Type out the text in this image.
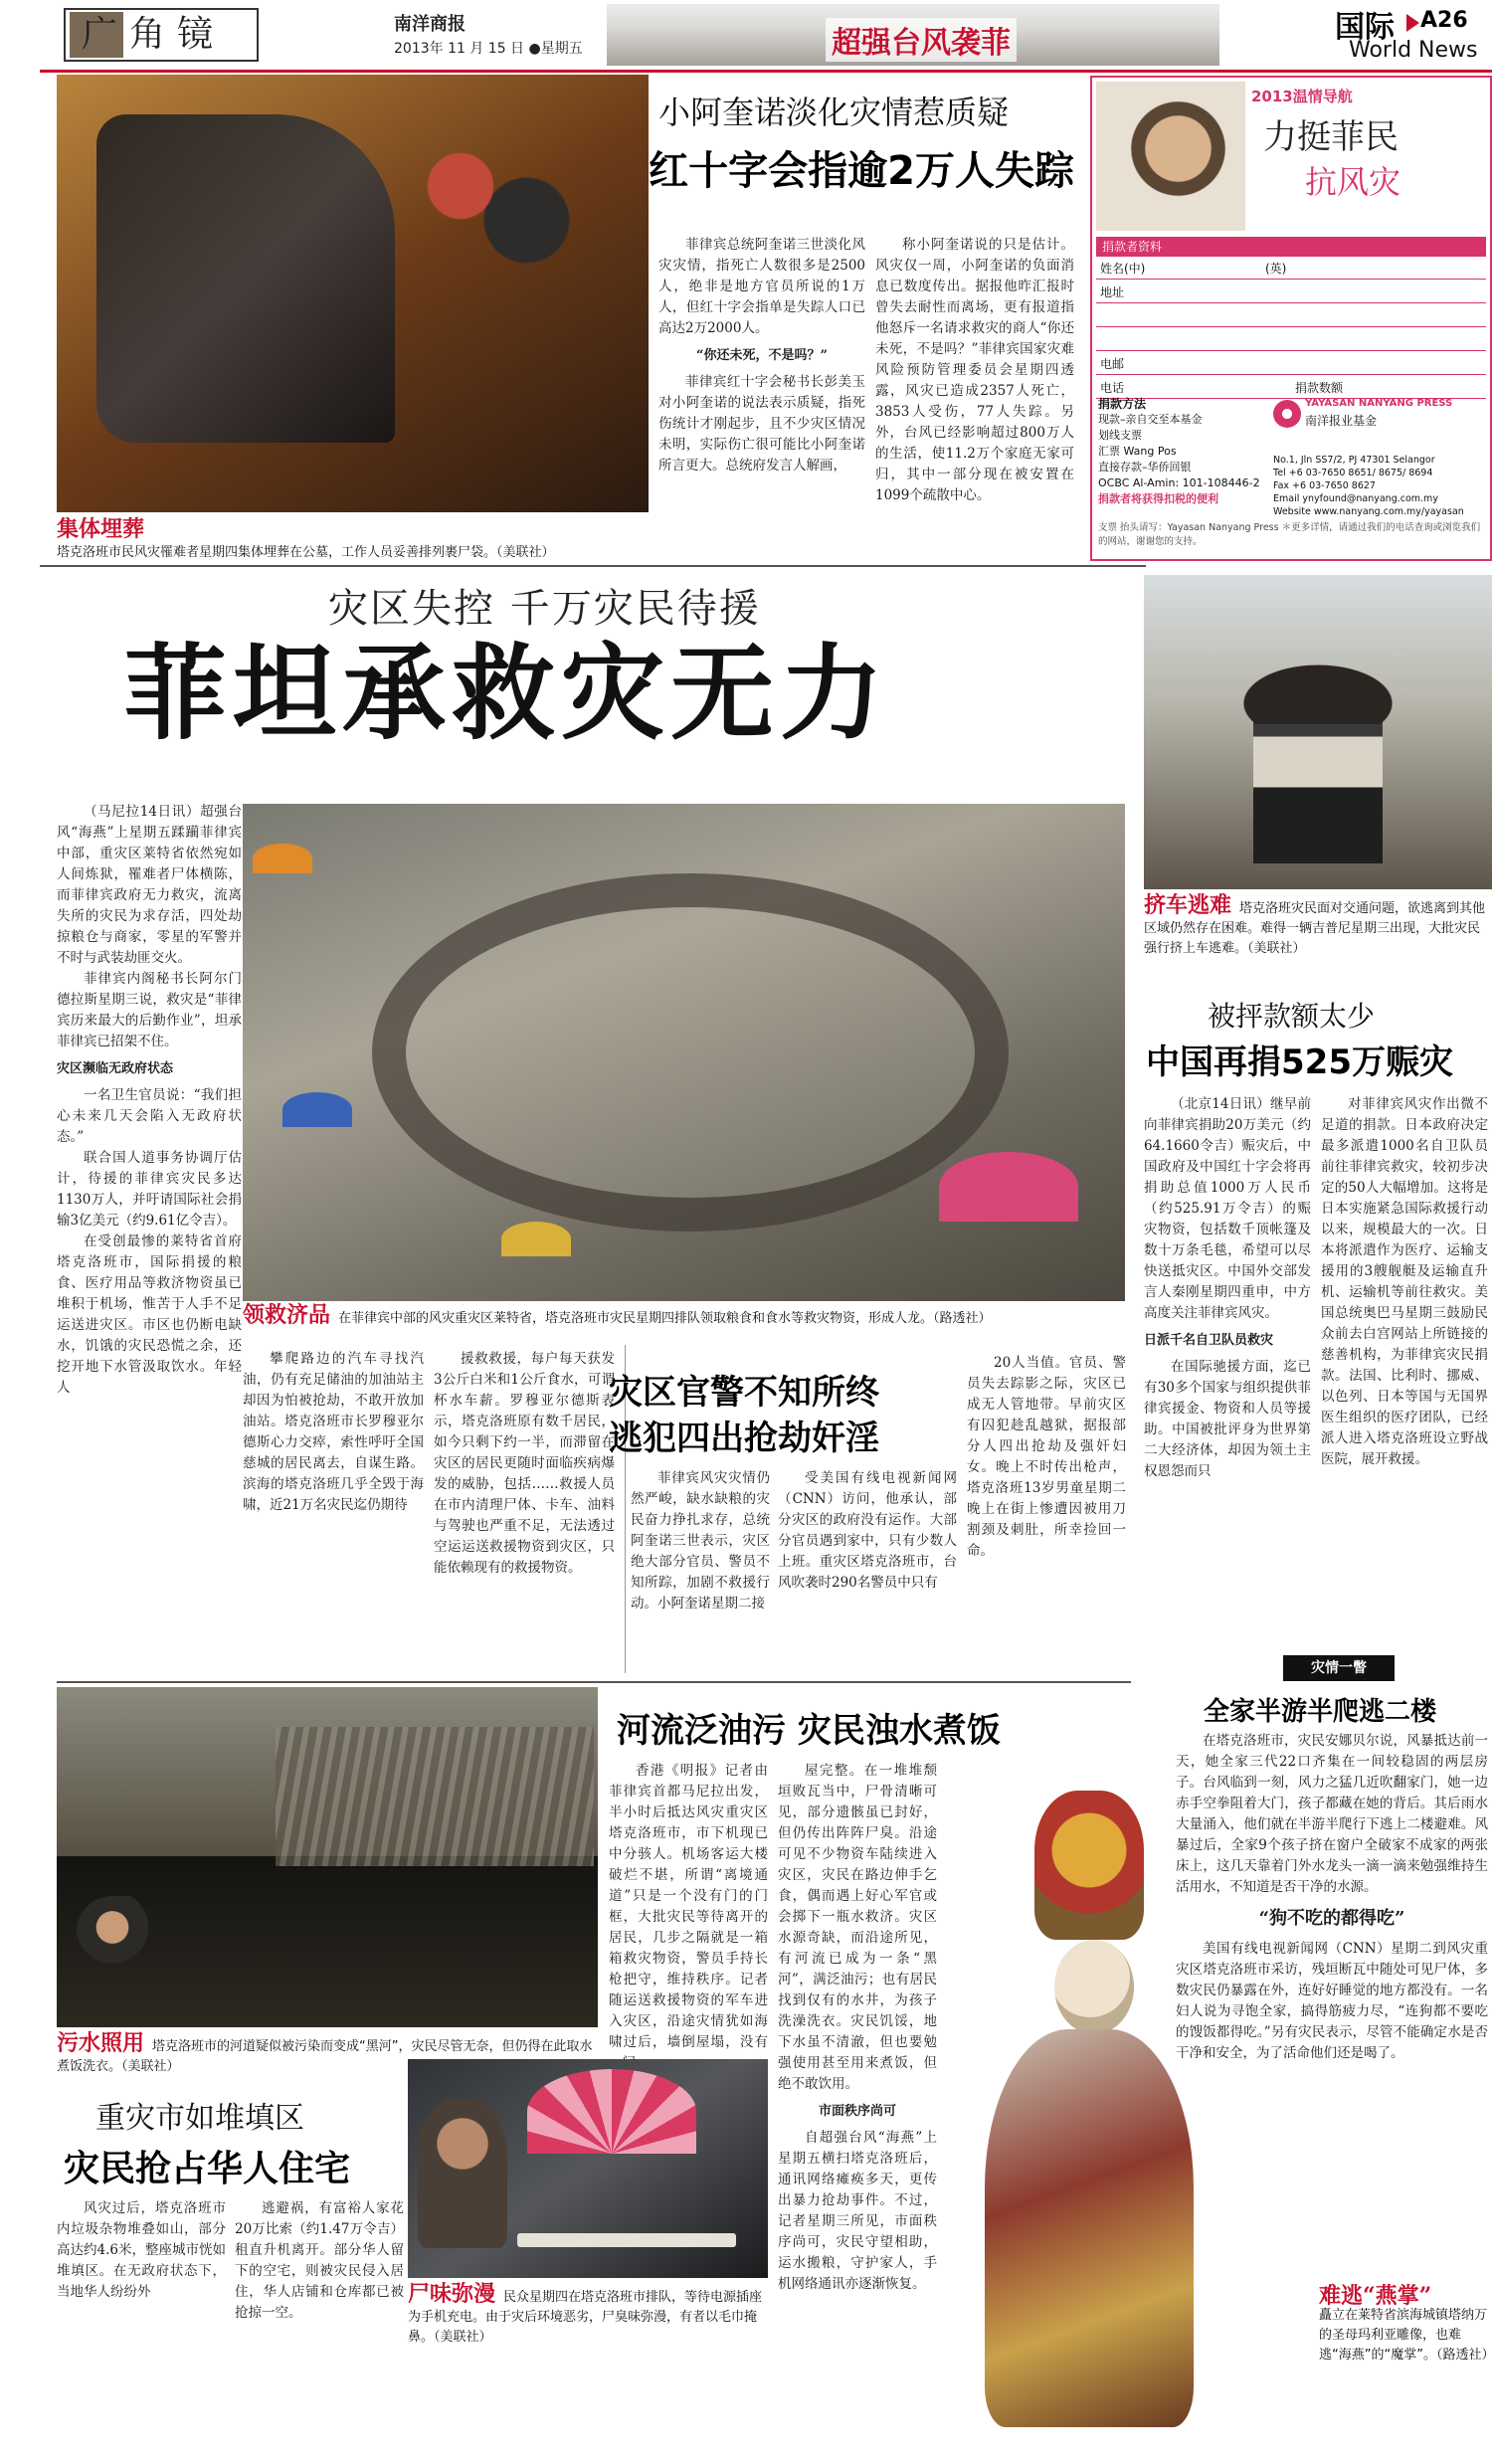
广角镜	南洋商报
2013年 11 月 15 日 ●星期五	超强台风袭菲	国际 A26
World News
集体埋葬塔克洛班市民风灾罹难者星期四集体埋葬在公墓，工作人员妥善排列裹尸袋。（美联社）
小阿奎诺淡化灾情惹质疑
红十字会指逾2万人失踪

菲律宾总统阿奎诺三世淡化风灾灾情，指死亡人数很多是2500人，绝非是地方官员所说的1万人，但红十字会指单是失踪人口已高达2万2000人。

“你还未死，不是吗？”

菲律宾红十字会秘书长彭美玉对小阿奎诺的说法表示质疑，指死伤统计才刚起步，且不少灾区情况未明，实际伤亡很可能比小阿奎诺所言更大。总统府发言人解画，

称小阿奎诺说的只是估计。风灾仅一周，小阿奎诺的负面消息已数度传出。据报他昨汇报时曾失去耐性而离场，更有报道指他怒斥一名请求救灾的商人“你还未死，不是吗？”菲律宾国家灾难风险预防管理委员会星期四透露，风灾已造成2357人死亡，3853人受伤，77人失踪。另外，台风已经影响超过800万人的生活，使11.2万个家庭无家可归，其中一部分现在被安置在1099个疏散中心。

2013温情导航
力挺菲民
抗风灾
捐款者资料
姓名(中)	(英)
地址
电邮
电话	捐款数额
捐款方法
现款–亲自交至本基金
划线支票
汇票 Wang Pos
直接存款–华侨回银
OCBC Al-Amin: 101-108446-2
捐款者将获得扣税的便利
YAYASAN NANYANG PRESS
南洋报业基金
No.1, Jln SS7/2, PJ 47301 Selangor
Tel +6 03-7650 8651/ 8675/ 8694
Fax +6 03-7650 8627
Email ynyfound@nanyang.com.my
Website www.nanyang.com.my/yayasan
支票 抬头请写：Yayasan Nanyang Press ＊更多详情，请通过我们的电话查询或浏览我们的网站，谢谢您的支持。
灾区失控 千万灾民待援
菲坦承救灾无力

（马尼拉14日讯）超强台风“海燕”上星期五蹂躏菲律宾中部，重灾区莱特省依然宛如人间炼狱，罹难者尸体横陈，而菲律宾政府无力救灾，流离失所的灾民为求存活，四处劫掠粮仓与商家，零星的军警并不时与武装劫匪交火。

菲律宾内阁秘书长阿尔门德拉斯星期三说，救灾是“菲律宾历来最大的后勤作业”，坦承菲律宾已招架不住。

灾区濒临无政府状态

一名卫生官员说：“我们担心未来几天会陷入无政府状态。”

联合国人道事务协调厅估计，待援的菲律宾灾民多达1130万人，并吁请国际社会捐输3亿美元（约9.61亿令吉）。

在受创最惨的莱特省首府塔克洛班市，国际捐援的粮食、医疗用品等救济物资虽已堆积于机场，惟苦于人手不足运送进灾区。市区也仍断电缺水，饥饿的灾民恐慌之余，还挖开地下水管汲取饮水。年轻人

领救济品 在菲律宾中部的风灾重灾区莱特省，塔克洛班市灾民星期四排队领取粮食和食水等救灾物资，形成人龙。（路透社）

攀爬路边的汽车寻找汽油，仍有充足储油的加油站主却因为怕被抢劫，不敢开放加油站。塔克洛班市长罗穆亚尔德斯心力交瘁，索性呼吁全国慈城的居民离去，自谋生路。滨海的塔克洛班几乎全毁于海啸，近21万名灾民迄仍期待

援救救援，每户每天获发3公斤白米和1公斤食水，可谓杯水车薪。罗穆亚尔德斯表示，塔克洛班原有数千居民，如今只剩下约一半，而滞留在灾区的居民更随时面临疾病爆发的威胁，包括……救援人员在市内清理尸体、卡车、油料与驾驶也严重不足，无法透过空运运送救援物资到灾区，只能依赖现有的救援物资。

挤车逃难 塔克洛班灾民面对交通问题，欲逃离到其他区域仍然存在困难。难得一辆吉普尼星期三出现，大批灾民强行挤上车逃难。（美联社）
被抨款额太少
中国再捐525万赈灾

（北京14日讯）继早前向菲律宾捐助20万美元（约64.1660令吉）赈灾后，中国政府及中国红十字会将再捐助总值1000万人民币（约525.91万令吉）的赈灾物资，包括数千顶帐篷及数十万条毛毯，希望可以尽快送抵灾区。中国外交部发言人秦刚星期四重申，中方高度关注菲律宾风灾。

日派千名自卫队员救灾

在国际驰援方面，迄已有30多个国家与组织提供菲律宾援金、物资和人员等援助。中国被批评身为世界第二大经济体，却因为领土主权恩怨而只

对菲律宾风灾作出微不足道的捐款。日本政府决定最多派遣1000名自卫队员前往菲律宾救灾，较初步决定的50人大幅增加。这将是日本实施紧急国际救援行动以来，规模最大的一次。日本将派遣作为医疗、运输支援用的3艘舰艇及运输直升机、运输机等前往救灾。美国总统奥巴马星期三鼓励民众前去白宫网站上所链接的慈善机构，为菲律宾灾民捐款。法国、比利时、挪威、以色列、日本等国与无国界医生组织的医疗团队，已经派人进入塔克洛班设立野战医院，展开救援。

灾区官警不知所终
逃犯四出抢劫奸淫

菲律宾风灾灾情仍然严峻，缺水缺粮的灾民奋力挣扎求存，总统阿奎诺三世表示，灾区绝大部分官员、警员不知所踪，加剧不救援行动。小阿奎诺星期二接

受美国有线电视新闻网（CNN）访问，他承认，部分灾区的政府没有运作。大部分官员遇到家中，只有少数人上班。重灾区塔克洛班市，台风吹袭时290名警员中只有

20人当值。官员、警员失去踪影之际，灾区已成无人管地带。早前灾区有囚犯趁乱越狱，据报部分人四出抢劫及强奸妇女。晚上不时传出枪声，塔克洛班13岁男童星期二晚上在街上惨遭因被用刀割颈及刺肚，所幸捡回一命。

污水照用 塔克洛班市的河道疑似被污染而变成“黑河”，灾民尽管无奈，但仍得在此取水煮饭洗衣。（美联社）
河流泛油污 灾民浊水煮饭

香港《明报》记者由菲律宾首都马尼拉出发，半小时后抵达风灾重灾区塔克洛班市，市下机现已中分骇人。机场客运大楼破烂不堪，所谓“离境通道”只是一个没有门的门框，大批灾民等待离开的居民，几步之隔就是一箱箱救灾物资，警员手持长枪把守，维持秩序。记者随运送救援物资的军车进入灾区，沿途灾情犹如海啸过后，墙倒屋塌，没有

屋完整。在一堆堆颓垣败瓦当中，尸骨清晰可见，部分遗骸虽已封好，但仍传出阵阵尸臭。沿途可见不少物资车陆续进入灾区，灾民在路边伸手乞食，偶而遇上好心军官或会掷下一瓶水救济。灾区水源奇缺，而沿途所见，有河流已成为一条“黑河”，满泛油污；也有居民找到仅有的水井，为孩子洗澡洗衣。灾民饥馁，地下水虽不清澈，但也要勉强使用甚至用来煮饭，但绝不敢饮用。

市面秩序尚可

自超强台风“海燕”上星期五横扫塔克洛班后，通讯网络瘫痪多天，更传出暴力抢劫事件。不过，记者星期三所见，市面秩序尚可，灾民守望相助，运水搬粮，守护家人，手机网络通讯亦逐渐恢复。

重灾市如堆填区
灾民抢占华人住宅

风灾过后，塔克洛班市内垃圾杂物堆叠如山，部分高达约4.6米，整座城市恍如堆填区。在无政府状态下，当地华人纷纷外

逃避祸，有富裕人家花20万比索（约1.47万令吉）租直升机离开。部分华人留下的空宅，则被灾民侵入居住，华人店铺和仓库都已被抢掠一空。

尸味弥漫 民众星期四在塔克洛班市排队，等待电源插座为手机充电。由于灾后环境恶劣，尸臭味弥漫，有者以毛巾掩鼻。（美联社）
灾情一瞥
全家半游半爬逃二楼

在塔克洛班市，灾民安娜贝尔说，风暴抵达前一天，她全家三代22口齐集在一间较稳固的两层房子。台风临到一刻，风力之猛几近吹翻家门，她一边赤手空拳阻着大门，孩子都藏在她的背后。其后雨水大量涌入，他们就在半游半爬行下逃上二楼避难。风暴过后，全家9个孩子挤在窗户全破家不成家的两张床上，这几天靠着门外水龙头一滴一滴来勉强维持生活用水，不知道是否干净的水源。

“狗不吃的都得吃”

美国有线电视新闻网（CNN）星期二到风灾重灾区塔克洛班市采访，残垣断瓦中随处可见尸体，多数灾民仍暴露在外，连好好睡觉的地方都没有。一名妇人说为寻饱全家，搞得筋疲力尽，“连狗都不要吃的馊饭都得吃。”另有灾民表示，尽管不能确定水是否干净和安全，为了活命他们还是喝了。

难逃“燕掌”
矗立在莱特省滨海城镇塔纳万的圣母玛利亚雕像，也难逃“海燕”的“魔掌”。（路透社）
